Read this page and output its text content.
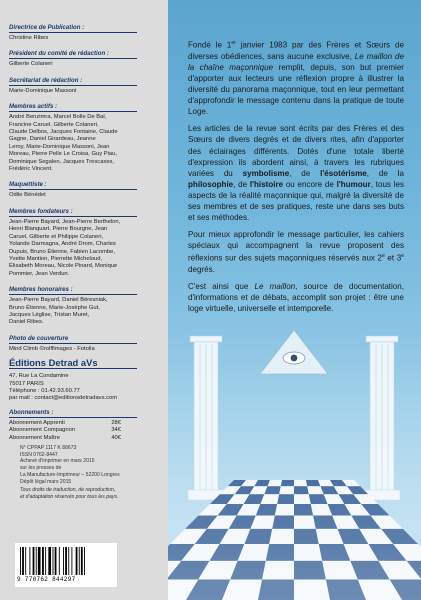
Directrice de Publication :
Christine Ribes
Président du comité de rédaction :
Gilberte Colaneri
Secrétariat de rédaction :
Marie-Dominique Massoni
Membres actifs :
André Benzimra, Marcel Bolle De Bal,
Francine Caruel, Gilberte Colaneri,
Claude Delbos, Jacques Fontaine, Claude
Gagne, Daniel Girardeau, Jeanne
Leroy, Marie-Dominique Massoni, Jean
Moreau, Pierre Pelle Le Croisa, Guy Piau,
Dominique Segalen, Jacques Trescases,
Frédéric Vincent.
Maquettiste :
Odile Bénédet
Membres fondateurs :
Jean-Pierre Bayard, Jean-Pierre Berthelon,
Henri Blanquart, Pierre Bourgne, Jean
Caruel, Gilberte et Philippe Colaneri,
Yolande Darmagna, André Drom, Charles
Dupuis, Bruno Étienne, Fabien Lacombe,
Yvette Mantion, Pierrette Micheloud,
Élisabeth Moreau, Nicole Pinard, Monique
Pommier, Jean Verdun.
Membres honoraires :
Jean-Pierre Bayard, Daniel Béresniak,
Bruno Étienne, Marie-Josèphe Gut,
Jacques Léglise, Tristan Muret,
Daniel Ribes.
Photo de couverture
Mind Climb ©rolffimages - Fotolia
Éditions Detrad aVs
47, Rue La Condamine
75017 PARIS
Téléphone : 01.42.93.60.77
par mail : contact@editionsdetradavs.com
Abonnements :
Abonnement Apprenti	28€
Abonnement Compagnon	34€
Abonnement Maître	40€
N° CPPAP 1117 K 88673
ISSN 0762-8447
Achevé d'imprimer en mars 2015
sur les presses de
La Manufacture-Imprimeur – 52200 Longres
Dépôt légal mars 2015
Tous droits de traduction, de reproduction,
et d'adaptation réservés pour tous les pays.
9 770762 844297

Fondé le 1er janvier 1983 par des Frères et Sœurs de diverses obédiences, sans aucune exclusive, Le maillon de la chaîne maçonnique remplit, depuis, son but premier d'apporter aux lecteurs une réflexion propre à illustrer la diversité du panorama maçonnique, tout en leur permettant d'approfondir le message contenu dans la pratique de toute Loge.

Les articles de la revue sont écrits par des Frères et des Sœurs de divers degrés et de divers rites, afin d'apporter des éclairages différents. Dotés d'une totale liberté d'expression ils abordent ainsi, à travers les rubriques variées du symbolisme, de l'ésotérisme, de la philosophie, de l'histoire ou encore de l'humour, tous les aspects de la réalité maçonnique qui, malgré la diversité de ses membres et de ses pratiques, reste une dans ses buts et ses méthodes.

Pour mieux approfondir le message particulier, les cahiers spéciaux qui accompagnent la revue proposent des réflexions sur des sujets maçonniques réservés aux 2e et 3e degrés.

C'est ainsi que Le maillon, source de documentation, d'informations et de débats, accomplit son projet : être une loge virtuelle, universelle et intemporelle.
